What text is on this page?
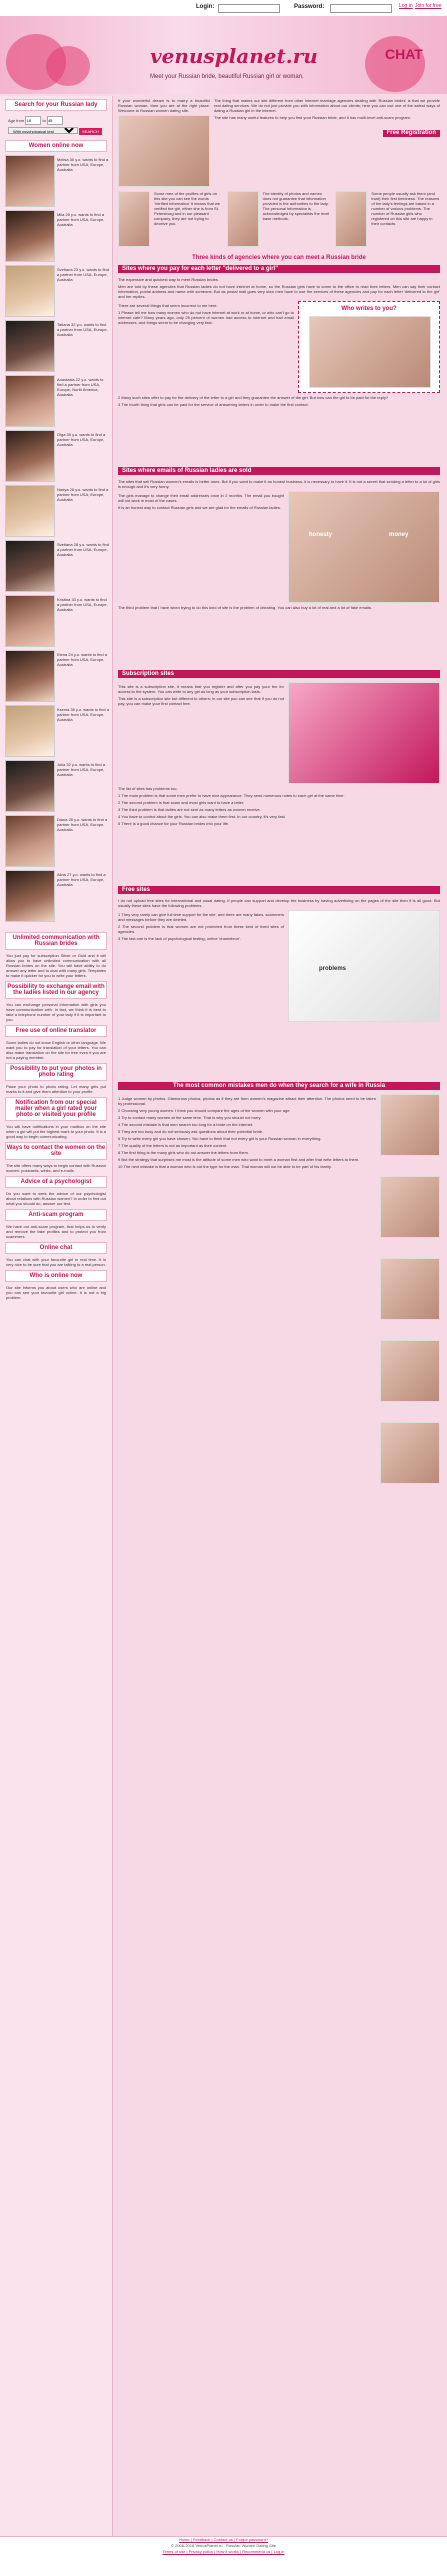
Login:	Password:	Log in Join for free
venusplanet.ru
Meet your Russian bride, beautiful Russian girl or woman.
CHAT
Search for your Russian lady
Age from 18	to 45
With psychological test SEARCH
Women online now
Melisa 30 y.o. wants to find a partner from USA, Europe, Australia
Mila 25 y.o. wants to find a partner from USA, Europe, Australia
Svetlana 23 y.o. wants to find a partner from USA, Europe, Australia
Tatiana 32 y.o. wants to find a partner from USA, Europe, Australia
Anastasia 22 y.o. wants to find a partner from USA, Europe, North America, Australia
Olga 30 y.o. wants to find a partner from USA, Europe, Australia
Nadya 26 y.o. wants to find a partner from USA, Europe, Australia
Svetlana 28 y.o. wants to find a partner from USA, Europe, Australia
Kristina 33 y.o. wants to find a partner from USA, Europe, Australia
Elena 24 y.o. wants to find a partner from USA, Europe, Australia
Ksenia 36 y.o. wants to find a partner from USA, Europe, Australia
Julia 32 y.o. wants to find a partner from USA, Europe, Australia
Diana 26 y.o. wants to find a partner from USA, Europe, Australia
Alina 27 y.o. wants to find a partner from USA, Europe, Australia
Unlimited communication with Russian brides
You just pay for subscription Silver or Gold and it will allow you to have unlimited communication with all Russian brides on the site. You will have ability to do answer any letter and to chat with many girls. Templates to make it quicker for you to write your letters.
Possibility to exchange email with the ladies listed in our agency
You can exchange personal information with girls you have communication with. In fact, we think it is best to take a telephone number of your lady if it is important to you.
Free use of online translator
Some ladies do not know English or other language. We want you to pay for translation of your letters. You can also make translation on the site for free even if you are not a paying member.
Possibility to put your photos in photo rating
Place your photo to photo rating. Let many girls put marks to it and give them attention to your profile.
Notification from our special mailer when a girl rated your photo or visited your profile
You will have notifications in your mailbox on the site when a girl will put the highest mark to your photo. It is a good way to begin communicating.
Ways to contact the women on the site
The site offers many ways to begin contact with Russian women: postcards, winks, and e-mails.
Advice of a psychologist
Do you want to seek the advice of our psychologist about relations with Russian women? In order to find out what you should do, answer our test.
Anti-scam program
We have our anti-scam program, that helps us to verify and remove the fake profiles and to protect you from scammers.
Online chat
You can chat with your favourite girl in real time. It is very nice to be sure that you are talking to a real person.
Who is online now
Our site informs you about users who are online and you can see your favourite girl online. It is not a big problem.
If your wonderful dream is to marry a beautiful Russian woman, then you are at the right place. Welcome to Russian women dating site.
The thing that makes our site different from other Internet marriage agencies dealing with 'Russian brides' is that we provide real dating services. We do not just provide you with information about our clients; here you can use one of the safest ways of dating a Russian girl in the internet.
The site has many useful features to help you find your Russian bride, and it has multi-level anti-scam program.
Free Registration
Some men of the profiles of girls on this site you can see the words 'Verified information' it means that we verified the girl, either she is from St. Petersburg and in our pleasant company, they are not trying to deceive you.
The identity of photos and names does not guarantee that information provided is the authorities to the lady. The personal information is acknowledged by specialists the level base methods.
Some people usually ask them (and trust) their first timidness. The reasons of the lady's feelings are based in a number of various problems. The number of Russian girls who registered on this site are happy in their contacts.
Three kinds of agencies where you can meet a Russian bride
Sites where you pay for each letter "delivered to a girl"
The expensive and quickest way to meet Russian brides.
Men are told by these agencies that Russian ladies do not have internet at home, so the Russian girls have to come to the office to read their letters. Men can say their contact information, postal address and name with someone. But as postal mail goes very slow men have to use the services of these agencies and pay for each letter 'delivered to the girl' and her replies.
There are several things that seem incorrect to me here.
1 Please tell me how many women who do not have internet at work or at home, or who can't go to internet cafe? Many years ago, only 25 percent of women had access to internet and had email addresses, and things seem to be changing very fast.
Who writes to you?
2 Many such sites offer to pay for the delivery of the letter to a girl and they guarantee the answer of the girl. But how can the girl to be paid for the reply?
3 The fourth thing that girls can be paid for the service of answering letters in order to make the first contact.
Sites where emails of Russian ladies are sold
The sites that sell Russian women's emails is better ones. But if you want to make it an honest business, it is necessary to have it. It is not a secret that sending a letter to a lot of girls is enough and it's very funny.
The girls manage to change their email addresses once in 2 months. The email you bought will not work in most of the cases.
It is an honest way to contact Russian girls and we are glad for the emails of Russian ladies.
honesty	money
The third problem that I have when trying to do this kind of site is the problem of cheating. You can also buy a lot of real and a lot of fake emails.
Subscription sites
This site is a subscription site, it means that you register and after you pay your fee for access to the system. You can write to any girl as long as your subscription lasts.
This site is a subscription site but different to others: in our site you can see that if you do not pay, you can make your first contact free.
The list of sites has problems too.
1 The main problem is that some men prefer to have nice appearance. They send numerous notes to each girl at the same time.
2 The second problem is that scam and most girls want to have a letter.
3 The third problem is that ladies are not sent as many letters as women receive.
4 You have to control about the girls. You can also make them first. In our country, it's very fast.
5 There is a good chance for your Russian brides into your life.
Free sites
I do not upload free sites for international and usual dating. If people can support and develop the business by having advertising on the pages of the site then it is all good. But usually these sites have the following problems.
1 They very rarely can give full time support for the site, and there are many fakes, scammers and messages before they are deleted.
2 The second problem is that women are not protected from these kind of fixed sites of agencies.
3 The last one is the lack of psychological testing, online 'chameleon'.
problems
The most common mistakes men do when they search for a wife in Russia
1 Judge women by photos. Glamorous photos, photos as if they are from women's magazine attract their attention. The photos need to be taken by professional.
2 Choosing very young women. I think you should compare the ages of the women with your age.
3 Try to contact many women at the same time. That is why you should not hurry.
4 The second mistake is that men search too long for a bride on the internet.
5 They are too busy and do not seriously ask questions about their potential bride.
6 Try to write every girl you have chosen. You have to think that not every girl is your Russian woman in everything.
7 The quality of the letters is not as important as their content.
8 The first thing is the many girls who do not answer the letters from them.
9 But the strategy that surprises me most is the attitude of some men who want to meet a woman first and after that write letters to them.
10 The next mistake is that a woman who is not the type for the man. That woman will not be able to be part of his family.
Home | Feedback | Contact us | Forgot password?
© 2006-2016 VenusPlanet.ru - Russian Women Dating Site
Terms of use | Privacy policy | How it works | Recommend us | Log in
